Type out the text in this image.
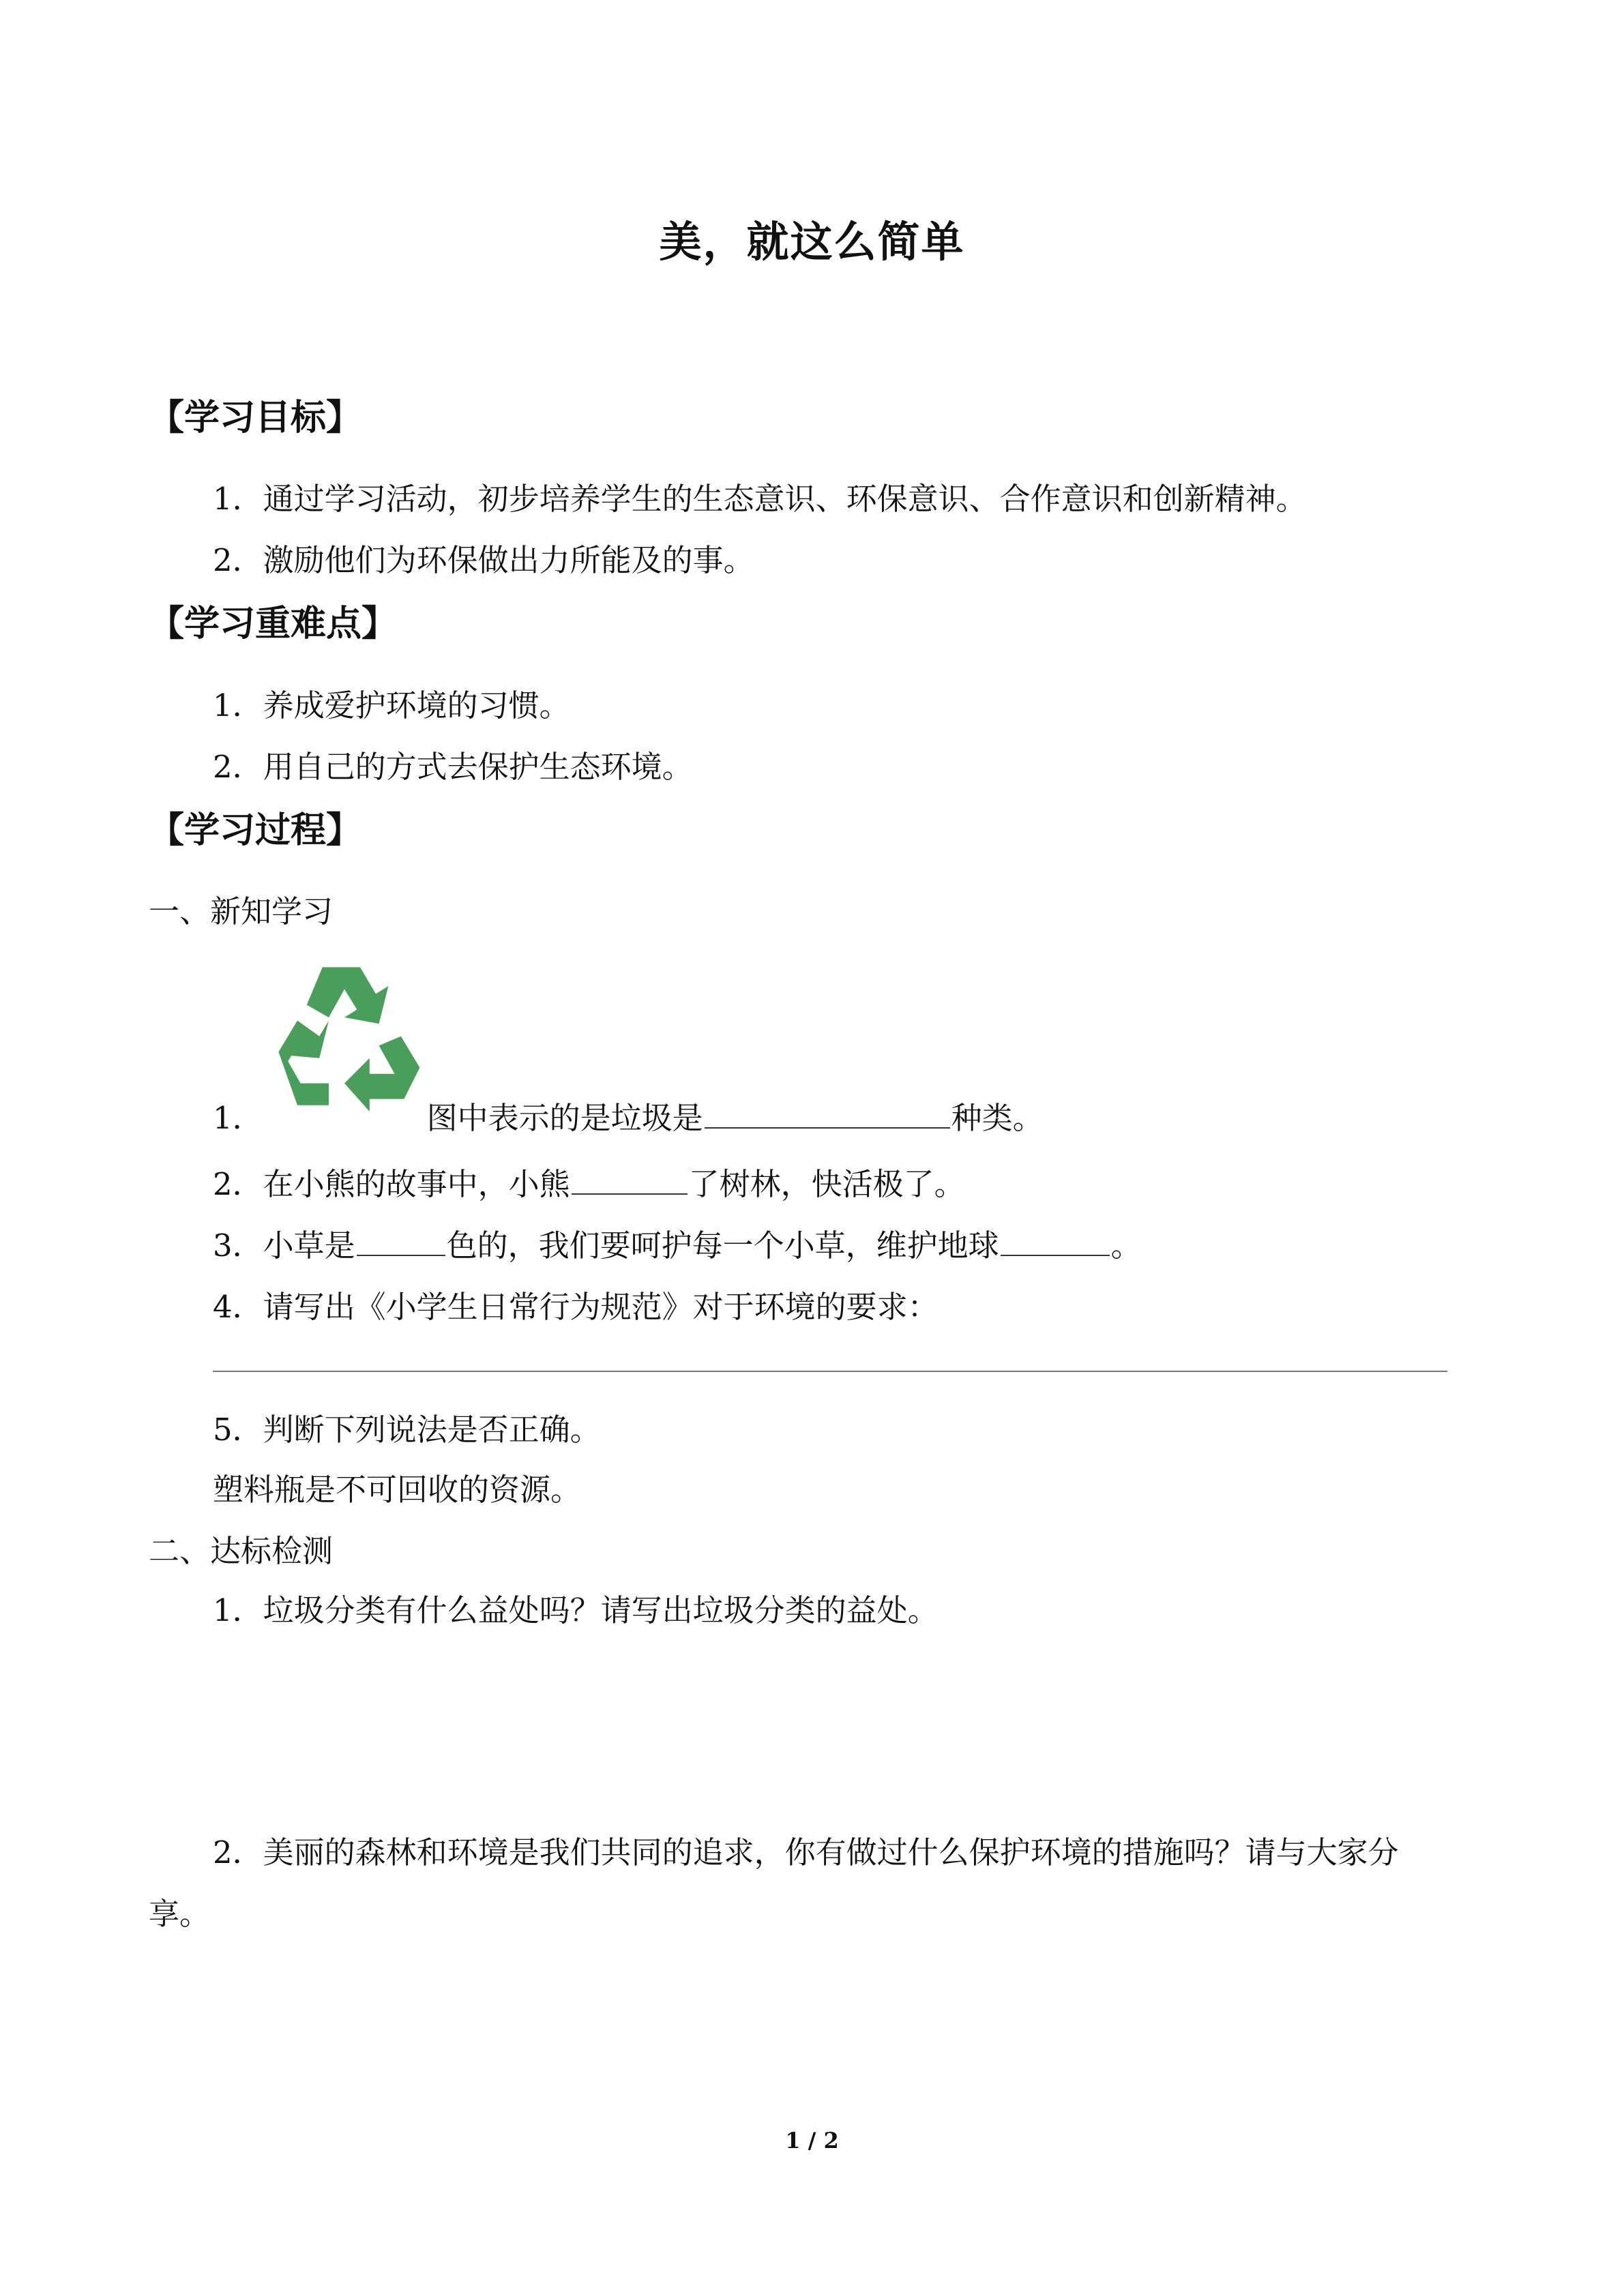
美，就这么简单
【学习目标】
1．通过学习活动，初步培养学生的生态意识、环保意识、合作意识和创新精神。
2．激励他们为环保做出力所能及的事。
【学习重难点】
1．养成爱护环境的习惯。
2．用自己的方式去保护生态环境。
【学习过程】
一、新知学习
1．	图中表示的是垃圾是	种类。
2．在小熊的故事中，小熊	了树林，快活极了。
3．小草是	色的，我们要呵护每一个小草，维护地球	。
4．请写出《小学生日常行为规范》对于环境的要求：
5．判断下列说法是否正确。
塑料瓶是不可回收的资源。
二、达标检测
1．垃圾分类有什么益处吗？请写出垃圾分类的益处。
2．美丽的森林和环境是我们共同的追求，你有做过什么保护环境的措施吗？请与大家分
享。
1 / 2
